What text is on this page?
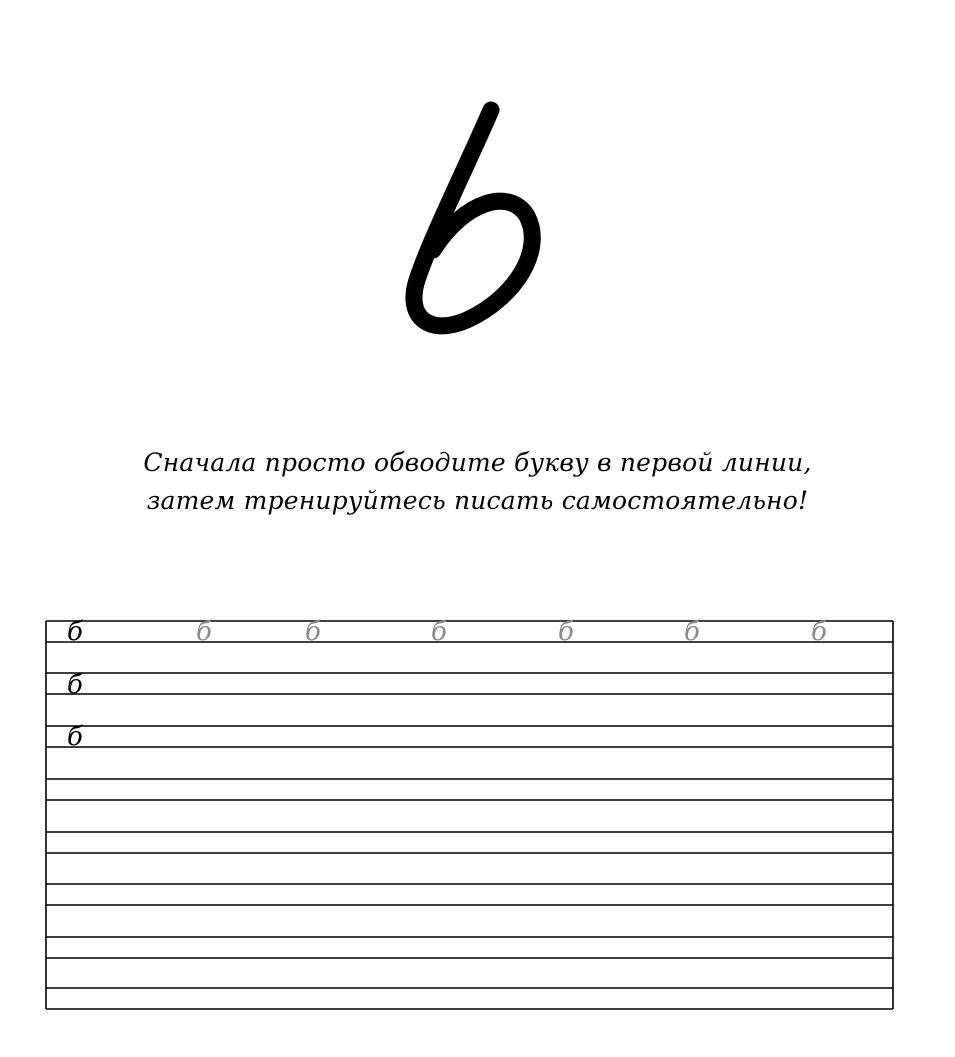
Сначала просто обводите букву в первой линии,
затем тренируйтесь писать самостоятельно!
б	б	б	б	б	б	б
б
б
